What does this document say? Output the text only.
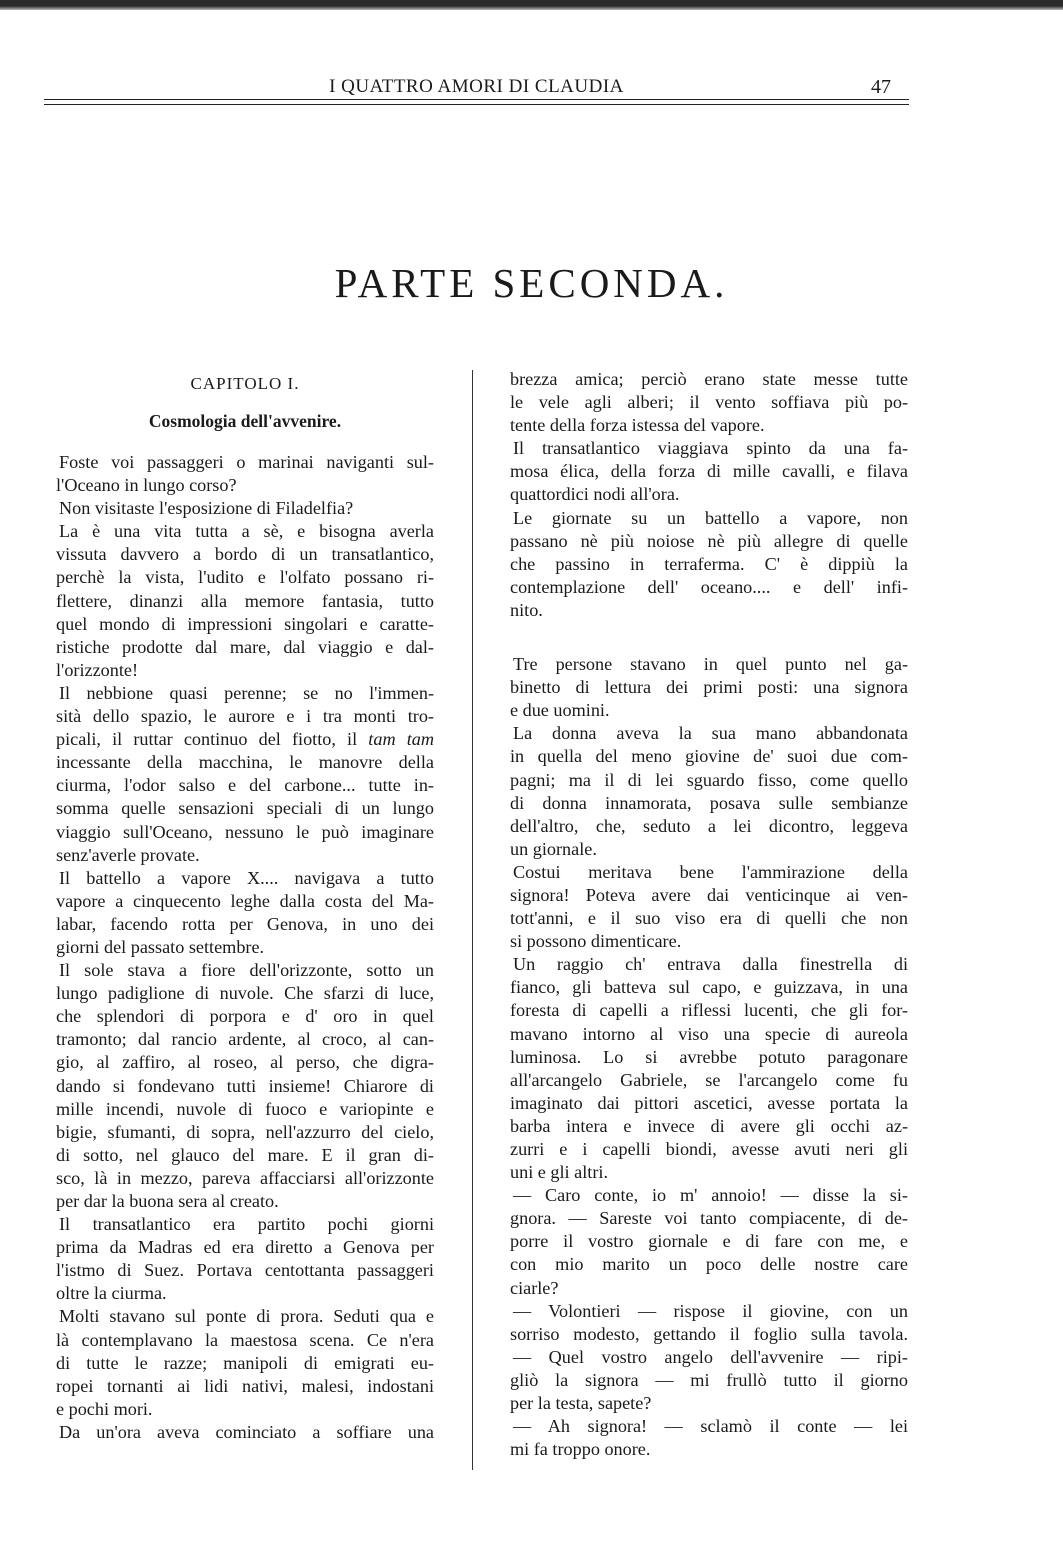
I QUATTRO AMORI DI CLAUDIA	47
PARTE SECONDA.
CAPITOLO I.
Cosmologia dell'avvenire.
Foste voi passaggeri o marinai naviganti sul-
l'Oceano in lungo corso?
Non visitaste l'esposizione di Filadelfia?
La è una vita tutta a sè, e bisogna averla
vissuta davvero a bordo di un transatlantico,
perchè la vista, l'udito e l'olfato possano ri-
flettere, dinanzi alla memore fantasia, tutto
quel mondo di impressioni singolari e caratte-
ristiche prodotte dal mare, dal viaggio e dal-
l'orizzonte!
Il nebbione quasi perenne; se no l'immen-
sità dello spazio, le aurore e i tra monti tro-
picali, il ruttar continuo del fiotto, il tam tam
incessante della macchina, le manovre della
ciurma, l'odor salso e del carbone... tutte in-
somma quelle sensazioni speciali di un lungo
viaggio sull'Oceano, nessuno le può imaginare
senz'averle provate.
Il battello a vapore X.... navigava a tutto
vapore a cinquecento leghe dalla costa del Ma-
labar, facendo rotta per Genova, in uno dei
giorni del passato settembre.
Il sole stava a fiore dell'orizzonte, sotto un
lungo padiglione di nuvole. Che sfarzi di luce,
che splendori di porpora e d' oro in quel
tramonto; dal rancio ardente, al croco, al can-
gio, al zaffiro, al roseo, al perso, che digra-
dando si fondevano tutti insieme! Chiarore di
mille incendi, nuvole di fuoco e variopinte e
bigie, sfumanti, di sopra, nell'azzurro del cielo,
di sotto, nel glauco del mare. E il gran di-
sco, là in mezzo, pareva affacciarsi all'orizzonte
per dar la buona sera al creato.
Il transatlantico era partito pochi giorni
prima da Madras ed era diretto a Genova per
l'istmo di Suez. Portava centottanta passaggeri
oltre la ciurma.
Molti stavano sul ponte di prora. Seduti qua e
là contemplavano la maestosa scena. Ce n'era
di tutte le razze; manipoli di emigrati eu-
ropei tornanti ai lidi nativi, malesi, indostani
e pochi mori.
Da un'ora aveva cominciato a soffiare una
brezza amica; perciò erano state messe tutte
le vele agli alberi; il vento soffiava più po-
tente della forza istessa del vapore.
Il transatlantico viaggiava spinto da una fa-
mosa élica, della forza di mille cavalli, e filava
quattordici nodi all'ora.
Le giornate su un battello a vapore, non
passano nè più noiose nè più allegre di quelle
che passino in terraferma. C' è dippiù la
contemplazione dell' oceano.... e dell' infi-
nito.
Tre persone stavano in quel punto nel ga-
binetto di lettura dei primi posti: una signora
e due uomini.
La donna aveva la sua mano abbandonata
in quella del meno giovine de' suoi due com-
pagni; ma il di lei sguardo fisso, come quello
di donna innamorata, posava sulle sembianze
dell'altro, che, seduto a lei dicontro, leggeva
un giornale.
Costui meritava bene l'ammirazione della
signora! Poteva avere dai venticinque ai ven-
tott'anni, e il suo viso era di quelli che non
si possono dimenticare.
Un raggio ch' entrava dalla finestrella di
fianco, gli batteva sul capo, e guizzava, in una
foresta di capelli a riflessi lucenti, che gli for-
mavano intorno al viso una specie di aureola
luminosa. Lo si avrebbe potuto paragonare
all'arcangelo Gabriele, se l'arcangelo come fu
imaginato dai pittori ascetici, avesse portata la
barba intera e invece di avere gli occhi az-
zurri e i capelli biondi, avesse avuti neri gli
uni e gli altri.
— Caro conte, io m' annoio! — disse la si-
gnora. — Sareste voi tanto compiacente, di de-
porre il vostro giornale e di fare con me, e
con mio marito un poco delle nostre care
ciarle?
— Volontieri — rispose il giovine, con un
sorriso modesto, gettando il foglio sulla tavola.
— Quel vostro angelo dell'avvenire — ripi-
gliò la signora — mi frullò tutto il giorno
per la testa, sapete?
— Ah signora! — sclamò il conte — lei
mi fa troppo onore.
